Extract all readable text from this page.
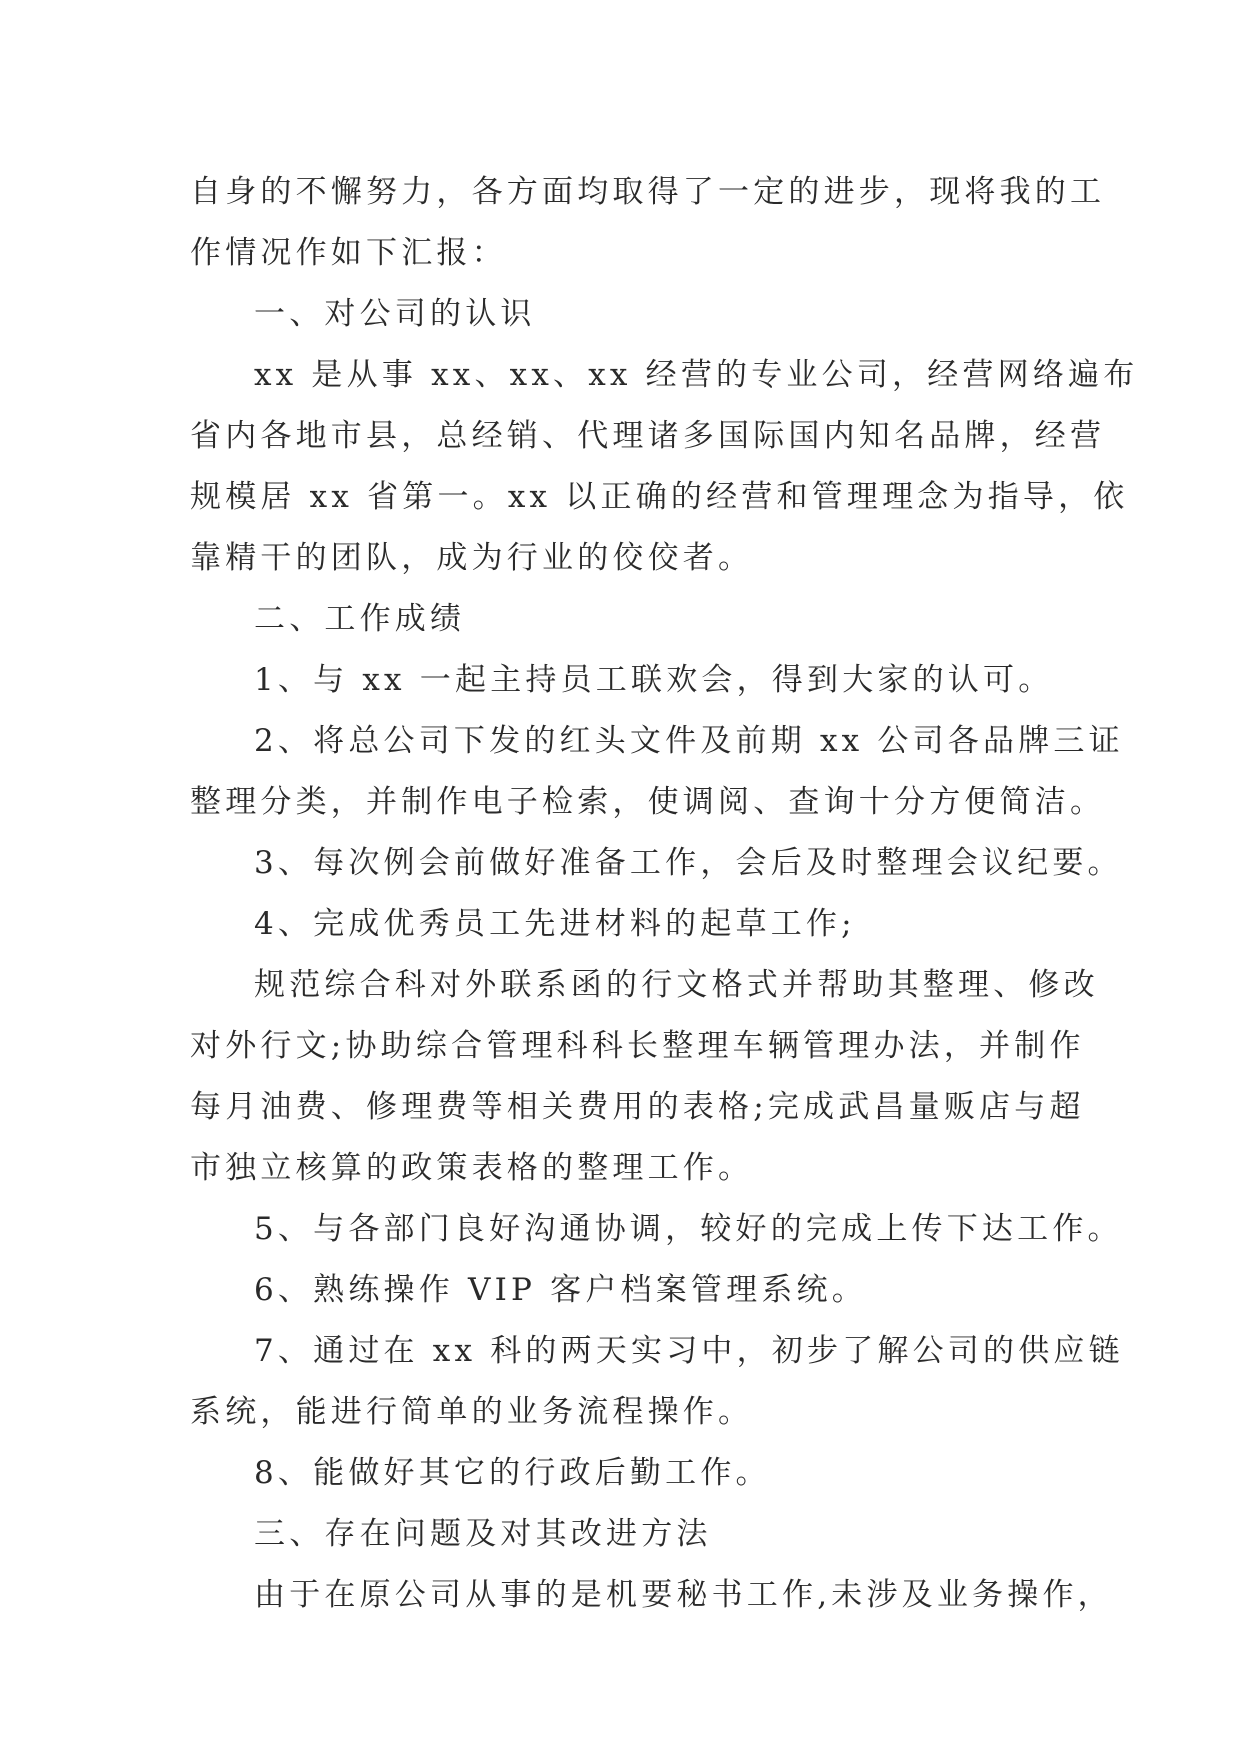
自身的不懈努力，各方面均取得了一定的进步，现将我的工
作情况作如下汇报：
一、对公司的认识
xx 是从事 xx、xx、xx 经营的专业公司，经营网络遍布
省内各地市县，总经销、代理诸多国际国内知名品牌，经营
规模居 xx 省第一。xx 以正确的经营和管理理念为指导，依
靠精干的团队，成为行业的佼佼者。
二、工作成绩
1、与 xx 一起主持员工联欢会，得到大家的认可。
2、将总公司下发的红头文件及前期 xx 公司各品牌三证
整理分类，并制作电子检索，使调阅、查询十分方便简洁。
3、每次例会前做好准备工作，会后及时整理会议纪要。
4、完成优秀员工先进材料的起草工作;
规范综合科对外联系函的行文格式并帮助其整理、修改
对外行文;协助综合管理科科长整理车辆管理办法，并制作
每月油费、修理费等相关费用的表格;完成武昌量贩店与超
市独立核算的政策表格的整理工作。
5、与各部门良好沟通协调，较好的完成上传下达工作。
6、熟练操作 VIP 客户档案管理系统。
7、通过在 xx 科的两天实习中，初步了解公司的供应链
系统，能进行简单的业务流程操作。
8、能做好其它的行政后勤工作。
三、存在问题及对其改进方法
由于在原公司从事的是机要秘书工作,未涉及业务操作，
